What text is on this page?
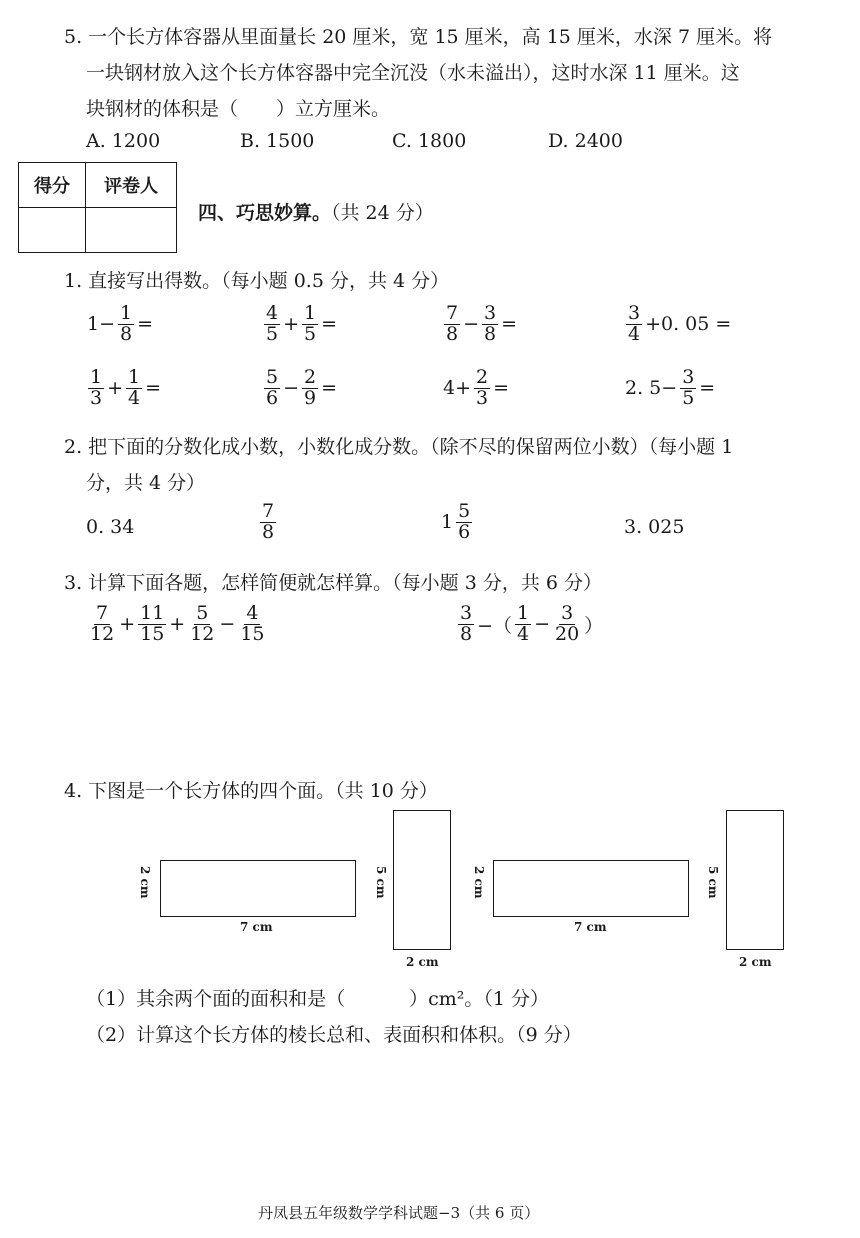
5. 一个长方体容器从里面量长 20 厘米，宽 15 厘米，高 15 厘米，水深 7 厘米。将
一块钢材放入这个长方体容器中完全沉没（水未溢出），这时水深 11 厘米。这
块钢材的体积是（　　）立方厘米。
A. 1200	B. 1500	C. 1800	D. 2400
得分	评卷人

四、巧思妙算。（共 24 分）
1. 直接写出得数。（每小题 0.5 分，共 4 分）
$1- \frac{1}{8}$ =	$\frac{4}{5} + \frac{1}{5}$ =	$\frac{7}{8} - \frac{3}{8}$ =	$\frac{3}{4} +0$. 05 =
$\frac{1}{3} + \frac{1}{4}$ =	$\frac{5}{6} - \frac{2}{9}$ =	$4+ \frac{2}{3}$ =	2. $5- \frac{3}{5}$ =
2. 把下面的分数化成小数，小数化成分数。（除不尽的保留两位小数）（每小题 1
分，共 4 分）
0. 34	$\frac{7}{8}$	$1 \frac{5}{6}$	3. 025
3. 计算下面各题，怎样简便就怎样算。（每小题 3 分，共 6 分）
$\frac{7}{12} + \frac{11}{15} + \frac{5}{12} - \frac{4}{15}$	$\frac{3}{8}$ −（ $\frac{1}{4} - \frac{3}{20}$ ）
4. 下图是一个长方体的四个面。（共 10 分）
2 cm
7 cm
5 cm
2 cm
2 cm
7 cm
5 cm
2 cm
（1）其余两个面的面积和是（	）cm²。（1 分）
（2）计算这个长方体的棱长总和、表面积和体积。（9 分）
丹凤县五年级数学学科试题−3（共 6 页）
